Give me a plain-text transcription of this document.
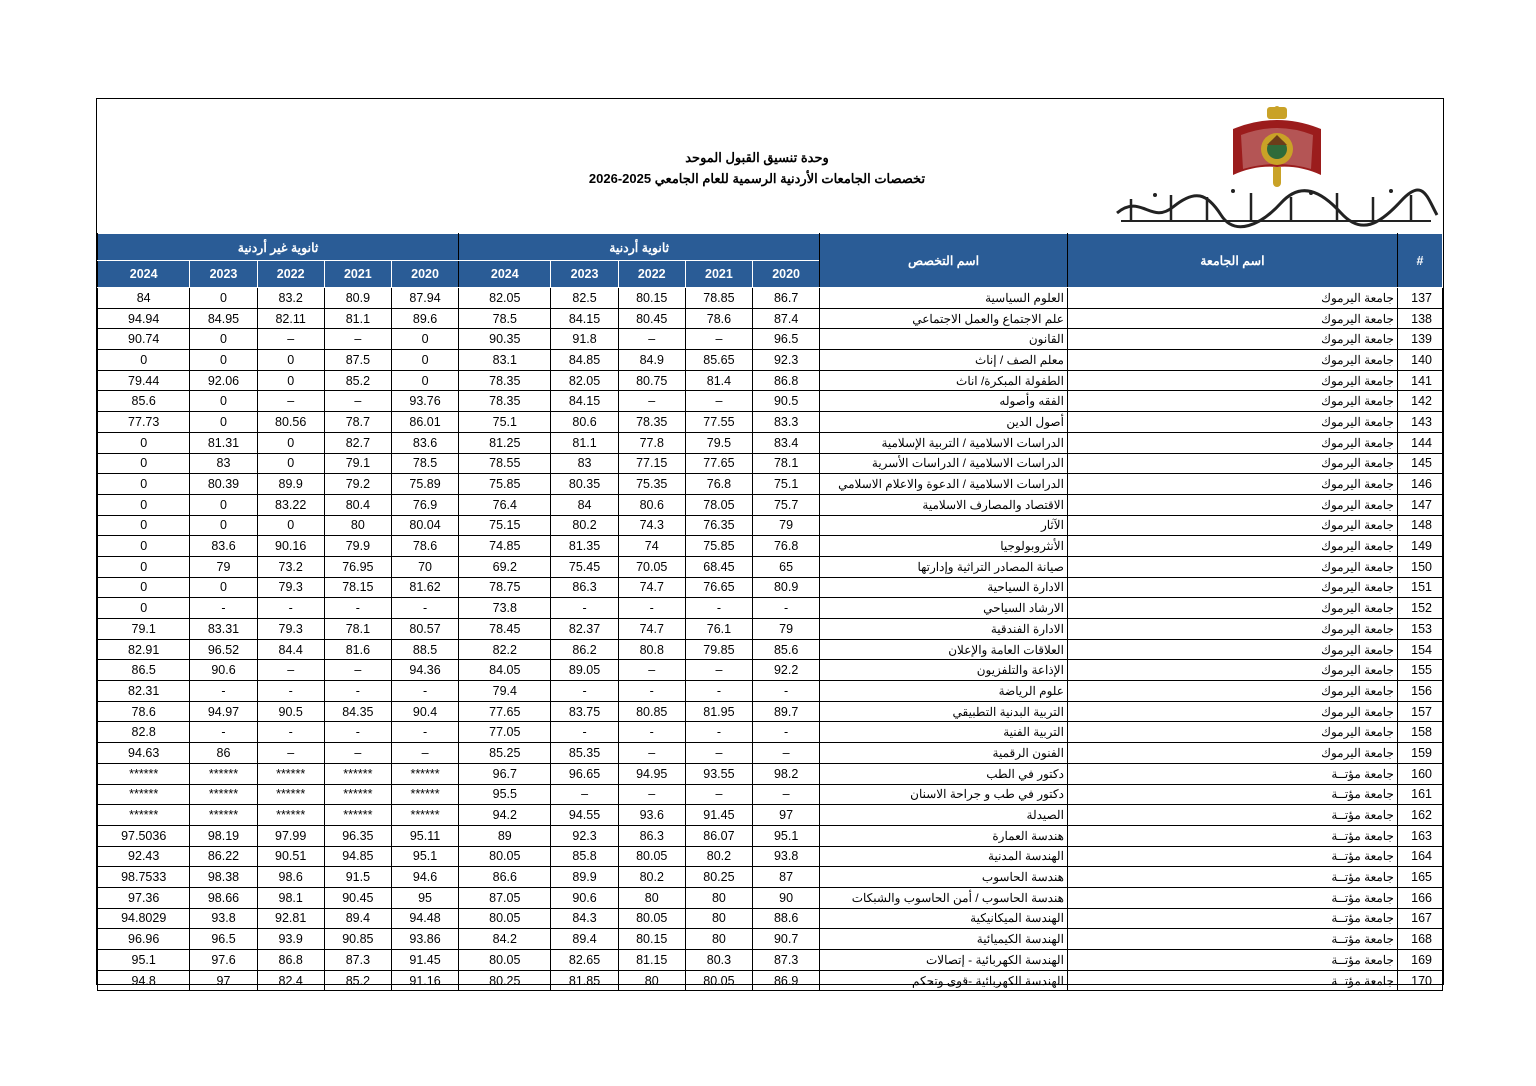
وحدة تنسيق القبول الموحد
تخصصات الجامعات الأردنية الرسمية للعام الجامعي 2025-2026
#	اسم الجامعة	اسم التخصص	ثانوية أردنية					ثانوية غير أردنية				
			2020	2021	2022	2023	2024	2020	2021	2022	2023	2024
137	جامعة اليرموك	العلوم السياسية	86.7	78.85	80.15	82.5	82.05	87.94	80.9	83.2	0	84
138	جامعة اليرموك	علم الاجتماع والعمل الاجتماعي	87.4	78.6	80.45	84.15	78.5	89.6	81.1	82.11	84.95	94.94
139	جامعة اليرموك	القانون	96.5	–	–	91.8	90.35	0	–	–	0	90.74
140	جامعة اليرموك	معلم الصف / إناث	92.3	85.65	84.9	84.85	83.1	0	87.5	0	0	0
141	جامعة اليرموك	الطفولة المبكرة/ اناث	86.8	81.4	80.75	82.05	78.35	0	85.2	0	92.06	79.44
142	جامعة اليرموك	الفقه وأصوله	90.5	–	–	84.15	78.35	93.76	–	–	0	85.6
143	جامعة اليرموك	أصول الدين	83.3	77.55	78.35	80.6	75.1	86.01	78.7	80.56	0	77.73
144	جامعة اليرموك	الدراسات الاسلامية / التربية الإسلامية	83.4	79.5	77.8	81.1	81.25	83.6	82.7	0	81.31	0
145	جامعة اليرموك	الدراسات الاسلامية / الدراسات الأسرية	78.1	77.65	77.15	83	78.55	78.5	79.1	0	83	0
146	جامعة اليرموك	الدراسات الاسلامية / الدعوة والاعلام الاسلامي	75.1	76.8	75.35	80.35	75.85	75.89	79.2	89.9	80.39	0
147	جامعة اليرموك	الاقتصاد والمصارف الاسلامية	75.7	78.05	80.6	84	76.4	76.9	80.4	83.22	0	0
148	جامعة اليرموك	الآثار	79	76.35	74.3	80.2	75.15	80.04	80	0	0	0
149	جامعة اليرموك	الأنثروبولوجيا	76.8	75.85	74	81.35	74.85	78.6	79.9	90.16	83.6	0
150	جامعة اليرموك	صيانة المصادر التراثية وإدارتها	65	68.45	70.05	75.45	69.2	70	76.95	73.2	79	0
151	جامعة اليرموك	الادارة السياحية	80.9	76.65	74.7	86.3	78.75	81.62	78.15	79.3	0	0
152	جامعة اليرموك	الارشاد السياحي	-	-	-	-	73.8	-	-	-	-	0
153	جامعة اليرموك	الادارة الفندقية	79	76.1	74.7	82.37	78.45	80.57	78.1	79.3	83.31	79.1
154	جامعة اليرموك	العلاقات العامة والإعلان	85.6	79.85	80.8	86.2	82.2	88.5	81.6	84.4	96.52	82.91
155	جامعة اليرموك	الإذاعة والتلفزيون	92.2	–	–	89.05	84.05	94.36	–	–	90.6	86.5
156	جامعة اليرموك	علوم الرياضة	-	-	-	-	79.4	-	-	-	-	82.31
157	جامعة اليرموك	التربية البدنية التطبيقي	89.7	81.95	80.85	83.75	77.65	90.4	84.35	90.5	94.97	78.6
158	جامعة اليرموك	التربية الفنية	-	-	-	-	77.05	-	-	-	-	82.8
159	جامعة اليرموك	الفنون الرقمية	–	–	–	85.35	85.25	–	–	–	86	94.63
160	جامعة مؤتــة	دكتور في الطب	98.2	93.55	94.95	96.65	96.7	******	******	******	******	******
161	جامعة مؤتــة	دكتور في طب و جراحة الاسنان	–	–	–	–	95.5	******	******	******	******	******
162	جامعة مؤتــة	الصيدلة	97	91.45	93.6	94.55	94.2	******	******	******	******	******
163	جامعة مؤتــة	هندسة العمارة	95.1	86.07	86.3	92.3	89	95.11	96.35	97.99	98.19	97.5036
164	جامعة مؤتــة	الهندسة المدنية	93.8	80.2	80.05	85.8	80.05	95.1	94.85	90.51	86.22	92.43
165	جامعة مؤتــة	هندسة الحاسوب	87	80.25	80.2	89.9	86.6	94.6	91.5	98.6	98.38	98.7533
166	جامعة مؤتــة	هندسة الحاسوب / أمن الحاسوب والشبكات	90	80	80	90.6	87.05	95	90.45	98.1	98.66	97.36
167	جامعة مؤتــة	الهندسة الميكانيكية	88.6	80	80.05	84.3	80.05	94.48	89.4	92.81	93.8	94.8029
168	جامعة مؤتــة	الهندسة الكيميائية	90.7	80	80.15	89.4	84.2	93.86	90.85	93.9	96.5	96.96
169	جامعة مؤتــة	الهندسة الكهربائية - إتصالات	87.3	80.3	81.15	82.65	80.05	91.45	87.3	86.8	97.6	95.1
170	جامعة مؤتــة	الهندسة الكهربائية -قوى وتحكم	86.9	80.05	80	81.85	80.25	91.16	85.2	82.4	97	94.8
